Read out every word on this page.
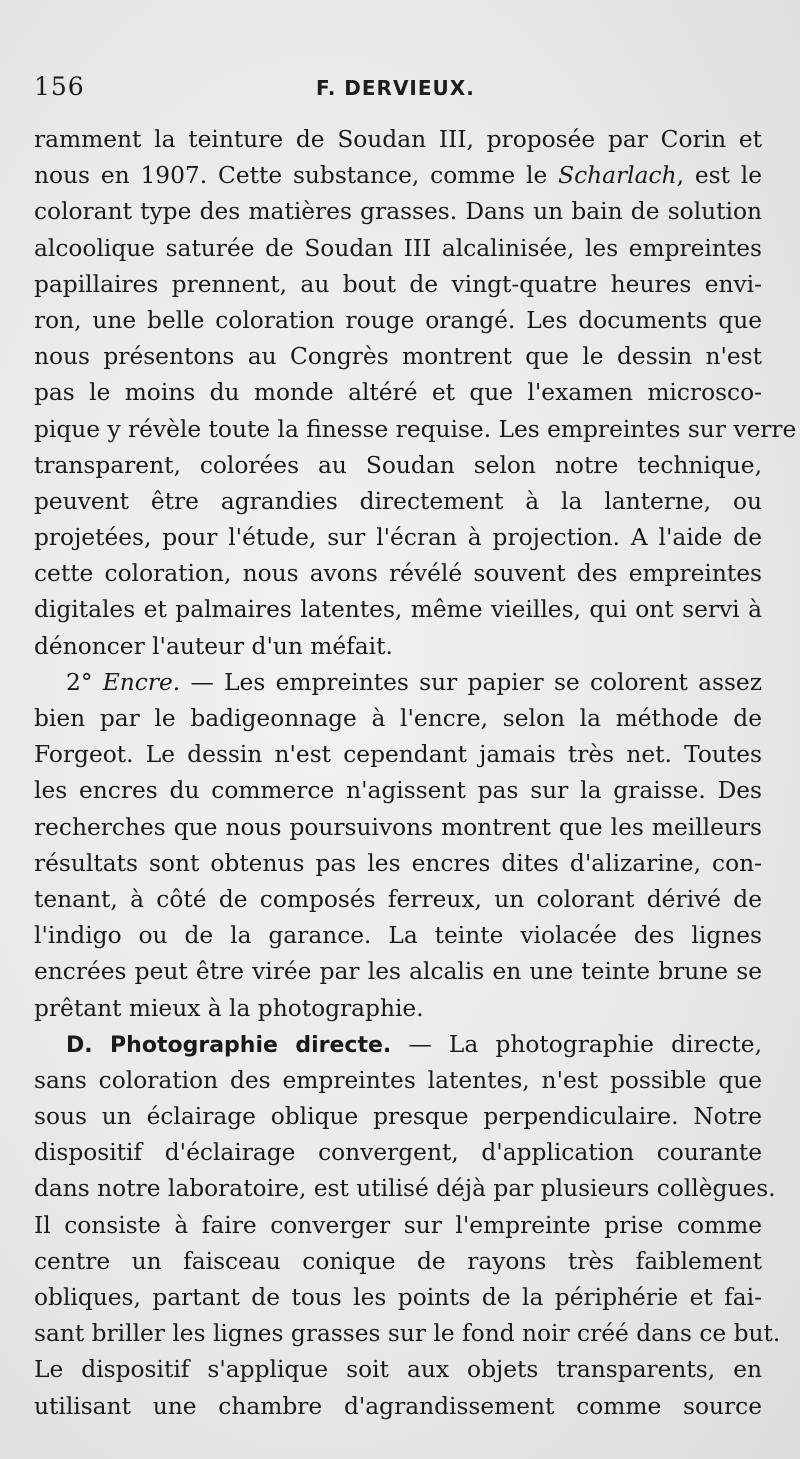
156	F. DERVIEUX.
ramment la teinture de Soudan III, proposée par Corin et
nous en 1907. Cette substance, comme le Scharlach, est le
colorant type des matières grasses. Dans un bain de solution
alcoolique saturée de Soudan III alcalinisée, les empreintes
papillaires prennent, au bout de vingt-quatre heures envi-
ron, une belle coloration rouge orangé. Les documents que
nous présentons au Congrès montrent que le dessin n'est
pas le moins du monde altéré et que l'examen microsco-
pique y révèle toute la finesse requise. Les empreintes sur verre
transparent, colorées au Soudan selon notre technique,
peuvent être agrandies directement à la lanterne, ou
projetées, pour l'étude, sur l'écran à projection. A l'aide de
cette coloration, nous avons révélé souvent des empreintes
digitales et palmaires latentes, même vieilles, qui ont servi à
dénoncer l'auteur d'un méfait.
2° Encre. — Les empreintes sur papier se colorent assez
bien par le badigeonnage à l'encre, selon la méthode de
Forgeot. Le dessin n'est cependant jamais très net. Toutes
les encres du commerce n'agissent pas sur la graisse. Des
recherches que nous poursuivons montrent que les meilleurs
résultats sont obtenus pas les encres dites d'alizarine, con-
tenant, à côté de composés ferreux, un colorant dérivé de
l'indigo ou de la garance. La teinte violacée des lignes
encrées peut être virée par les alcalis en une teinte brune se
prêtant mieux à la photographie.
D. Photographie directe. — La photographie directe,
sans coloration des empreintes latentes, n'est possible que
sous un éclairage oblique presque perpendiculaire. Notre
dispositif d'éclairage convergent, d'application courante
dans notre laboratoire, est utilisé déjà par plusieurs collègues.
Il consiste à faire converger sur l'empreinte prise comme
centre un faisceau conique de rayons très faiblement
obliques, partant de tous les points de la périphérie et fai-
sant briller les lignes grasses sur le fond noir créé dans ce but.
Le dispositif s'applique soit aux objets transparents, en
utilisant une chambre d'agrandissement comme source
